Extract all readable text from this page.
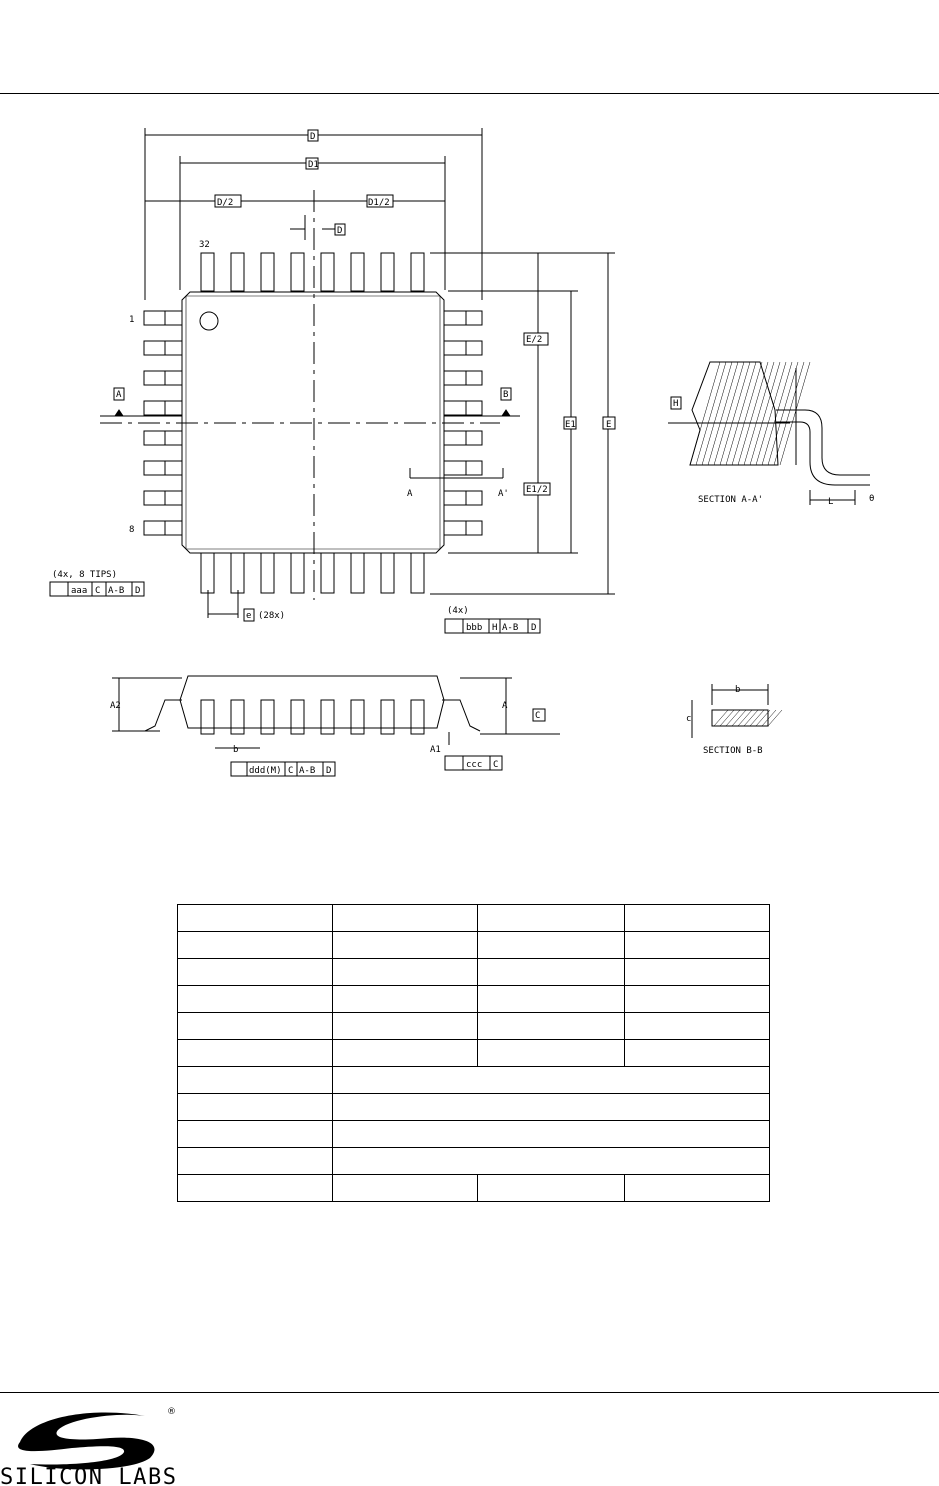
32
1
8
D
D1
D/2	D1/2
D
E/2
E1	E
E1/2
A	B
A	A'
e (28x)
(4x, 8 TIPS)
aaa C A-B D
(4x)
bbb H A-B D
A2	A
C
b	A1
ddd(M) C A-B D
ccc C
H
SECTION A-A'	L	θ
b
c
SECTION B-B

®
SILICON LABS
